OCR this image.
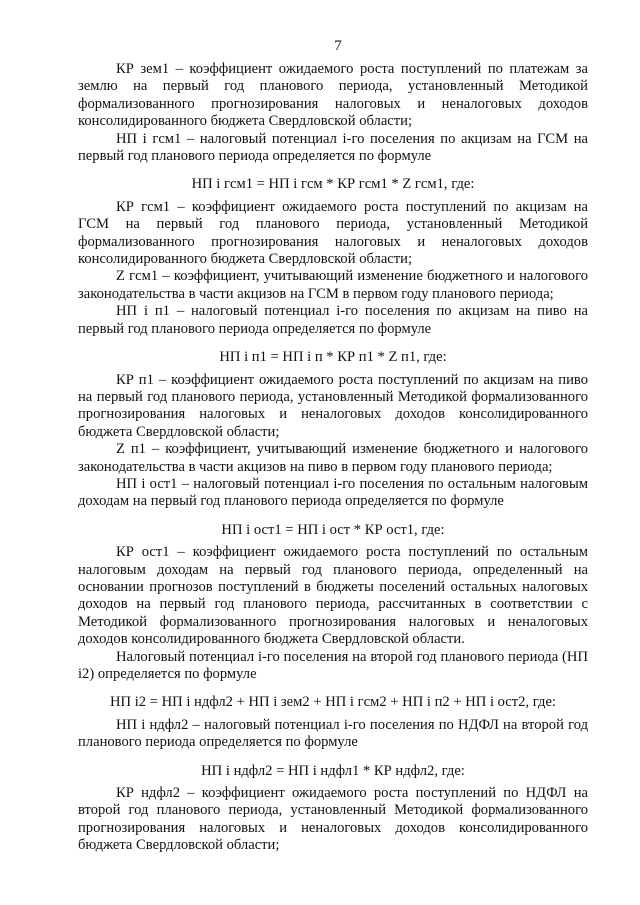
7

КР зем1 – коэффициент ожидаемого роста поступлений по платежам за землю на первый год планового периода, установленный Методикой формализованного прогнозирования налоговых и неналоговых доходов консолидированного бюджета Свердловской области;

НП i гсм1 – налоговый потенциал i-го поселения по акцизам на ГСМ на первый год планового периода определяется по формуле

НП i гсм1 = НП i гсм * КР гсм1 * Z гсм1, где:

КР гсм1 – коэффициент ожидаемого роста поступлений по акцизам на ГСМ на первый год планового периода, установленный Методикой формализованного прогнозирования налоговых и неналоговых доходов консолидированного бюджета Свердловской области;

Z гсм1 – коэффициент, учитывающий изменение бюджетного и налогового законодательства в части акцизов на ГСМ в первом году планового периода;

НП i п1 – налоговый потенциал i-го поселения по акцизам на пиво на первый год планового периода определяется по формуле

НП i п1 = НП i п * КР п1 * Z п1, где:

КР п1 – коэффициент ожидаемого роста поступлений по акцизам на пиво на первый год планового периода, установленный Методикой формализованного прогнозирования налоговых и неналоговых доходов консолидированного бюджета Свердловской области;

Z п1 – коэффициент, учитывающий изменение бюджетного и налогового законодательства в части акцизов на пиво в первом году планового периода;

НП i ост1 – налоговый потенциал i-го поселения по остальным налоговым доходам на первый год планового периода определяется по формуле

НП i ост1 = НП i ост * КР ост1, где:

КР ост1 – коэффициент ожидаемого роста поступлений по остальным налоговым доходам на первый год планового периода, определенный на основании прогнозов поступлений в бюджеты поселений остальных налоговых доходов на первый год планового периода, рассчитанных в соответствии с Методикой формализованного прогнозирования налоговых и неналоговых доходов консолидированного бюджета Свердловской области.

Налоговый потенциал i-го поселения на второй год планового периода (НП i2) определяется по формуле

НП i2 = НП i ндфл2 + НП i зем2 + НП i гсм2 + НП i п2 + НП i ост2, где:

НП i ндфл2 – налоговый потенциал i-го поселения по НДФЛ на второй год планового периода определяется по формуле

НП i ндфл2 = НП i ндфл1 * КР ндфл2, где:

КР ндфл2 – коэффициент ожидаемого роста поступлений по НДФЛ на второй год планового периода, установленный Методикой формализованного прогнозирования налоговых и неналоговых доходов консолидированного бюджета Свердловской области;
